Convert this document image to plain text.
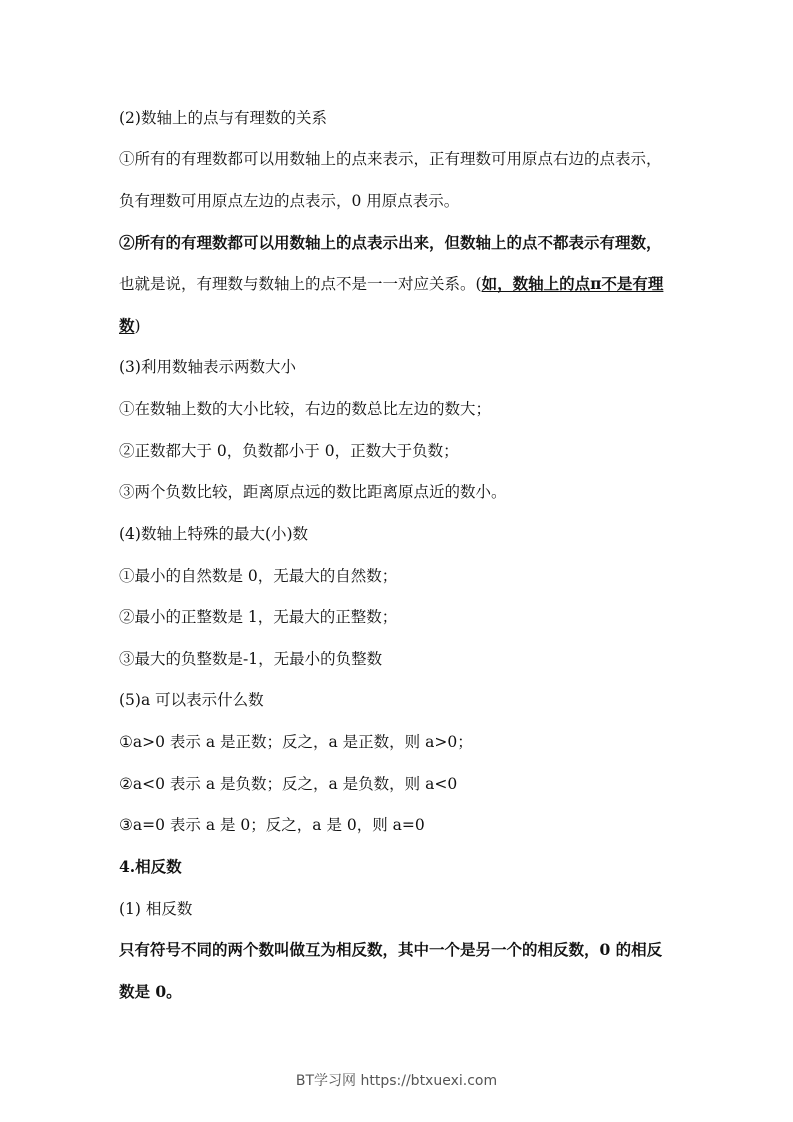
(2)数轴上的点与有理数的关系
①所有的有理数都可以用数轴上的点来表示，正有理数可用原点右边的点表示，
负有理数可用原点左边的点表示，0 用原点表示。
②所有的有理数都可以用数轴上的点表示出来，但数轴上的点不都表示有理数，
也就是说，有理数与数轴上的点不是一一对应关系。(如，数轴上的点π不是有理
数)
(3)利用数轴表示两数大小
①在数轴上数的大小比较，右边的数总比左边的数大；
②正数都大于 0，负数都小于 0，正数大于负数；
③两个负数比较，距离原点远的数比距离原点近的数小。
(4)数轴上特殊的最大(小)数
①最小的自然数是 0，无最大的自然数；
②最小的正整数是 1，无最大的正整数；
③最大的负整数是-1，无最小的负整数
(5)a 可以表示什么数
①a>0 表示 a 是正数；反之，a 是正数，则 a>0；
②a<0 表示 a 是负数；反之，a 是负数，则 a<0
③a=0 表示 a 是 0；反之，a 是 0，则 a=0
4.相反数
(1) 相反数
只有符号不同的两个数叫做互为相反数，其中一个是另一个的相反数，0 的相反
数是 0。
BT学习网 https://btxuexi.com
